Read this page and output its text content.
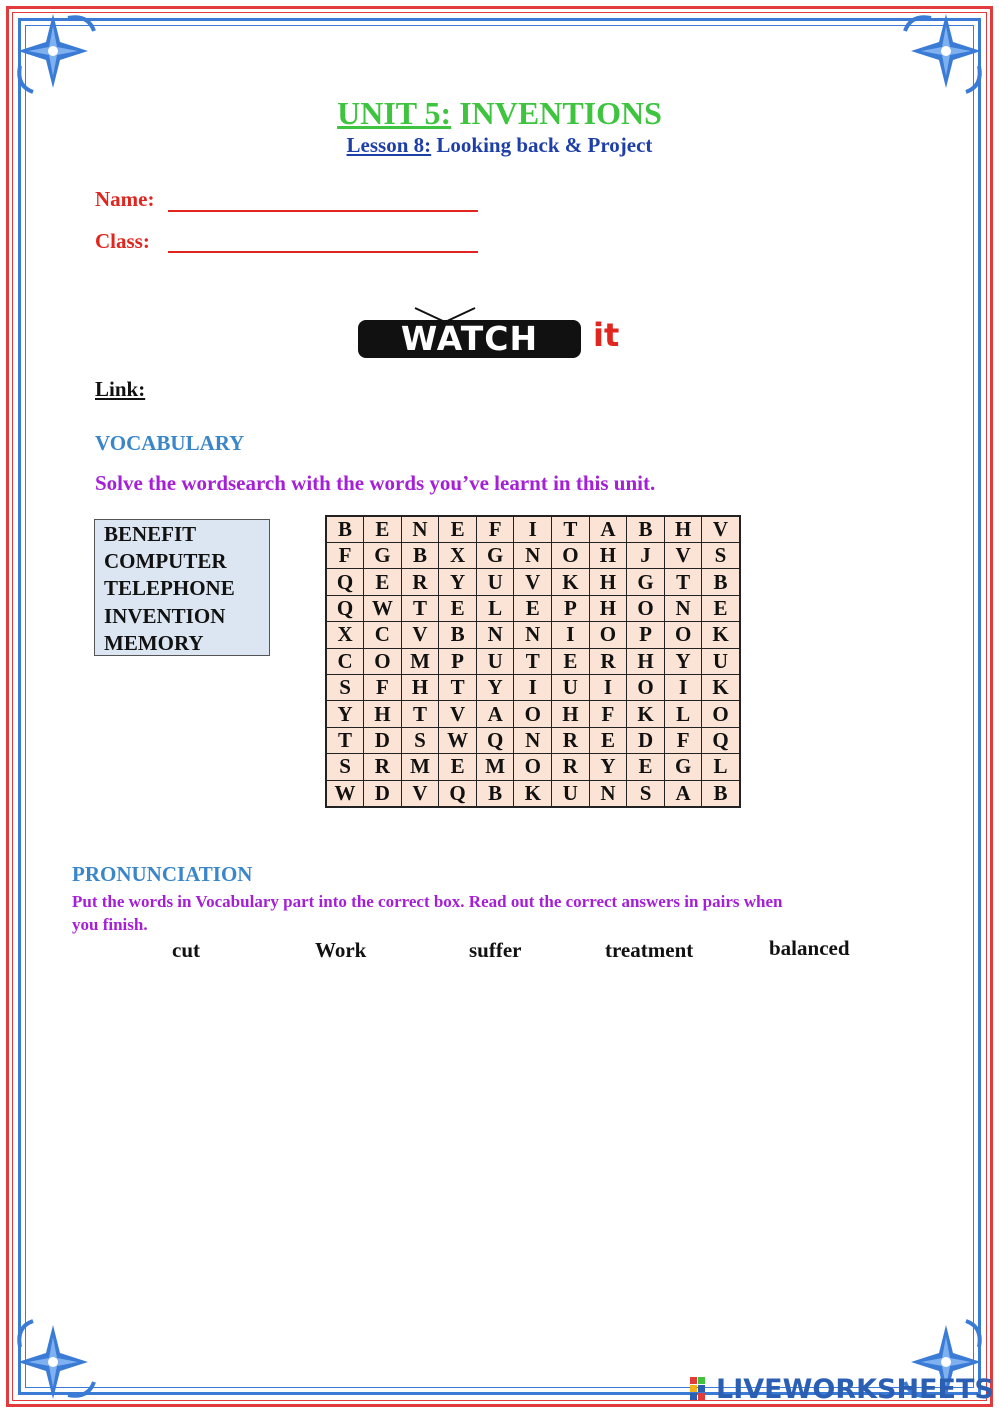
UNIT 5: INVENTIONS
Lesson 8: Looking back & Project
Name:
Class:
WATCH	it
Link:
VOCABULARY
Solve the wordsearch with the words you’ve learnt in this unit.
BENEFIT
COMPUTER
TELEPHONE
INVENTION
MEMORY
B	E	N	E	F	I	T	A	B	H	V
F	G	B	X	G	N	O	H	J	V	S
Q	E	R	Y	U	V	K	H	G	T	B
Q	W	T	E	L	E	P	H	O	N	E
X	C	V	B	N	N	I	O	P	O	K
C	O	M	P	U	T	E	R	H	Y	U
S	F	H	T	Y	I	U	I	O	I	K
Y	H	T	V	A	O	H	F	K	L	O
T	D	S	W	Q	N	R	E	D	F	Q
S	R	M	E	M	O	R	Y	E	G	L
W	D	V	Q	B	K	U	N	S	A	B
PRONUNCIATION
Put the words in Vocabulary part into the correct box. Read out the correct answers in pairs when
you finish.
cut	Work	suffer	treatment	balanced
LIVEWORKSHEETS
